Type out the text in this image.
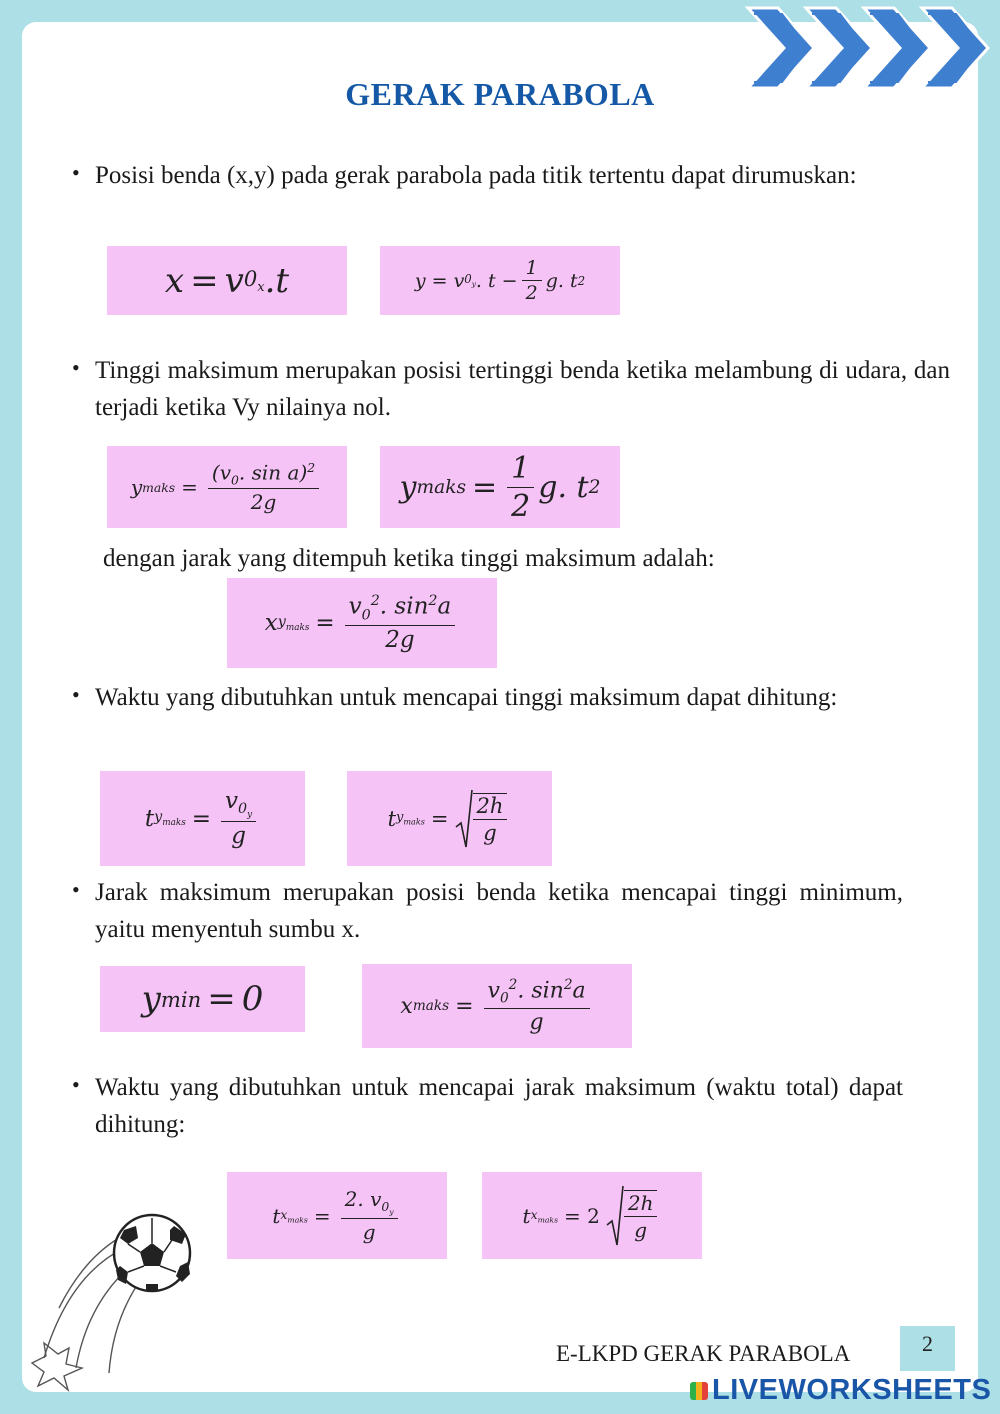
GERAK PARABOLA
• Posisi benda (x,y) pada gerak parabola pada titik tertentu dapat dirumuskan:
x = v $0_x$ .t	y = v $0_y$ . $t - \frac{1}{2} g$. t 2
• Tinggi maksimum merupakan posisi tertinggi benda ketika melambung di udara, dan terjadi ketika Vy nilainya nol.
y maks = $\frac{(v_0. \sin a)^2}{2g}$	y maks = $\frac{1}{2} g$. t 2
dengan jarak yang ditempuh ketika tinggi maksimum adalah:
x $y_{maks} = \frac{v_0^2. \sin^2a}{2g}$
• Waktu yang dibutuhkan untuk mencapai tinggi maksimum dapat dihitung:
t $y_{maks} = \frac{v_{0_y}}{g}$	t $y_{maks} = \frac{2h}{g}$
• Jarak maksimum merupakan posisi benda ketika mencapai tinggi minimum, yaitu menyentuh sumbu x.
y min = 0	x maks = $\frac{v_0^2. \sin^2a}{g}$
• Waktu yang dibutuhkan untuk mencapai jarak maksimum (waktu total) dapat dihitung:
t $x_{maks} = \frac{2. v_{0_y}}{g}$	t $x_{maks} = 2 \frac{2h}{g}$
E-LKPD GERAK PARABOLA	2
LIVEWORKSHEETS
